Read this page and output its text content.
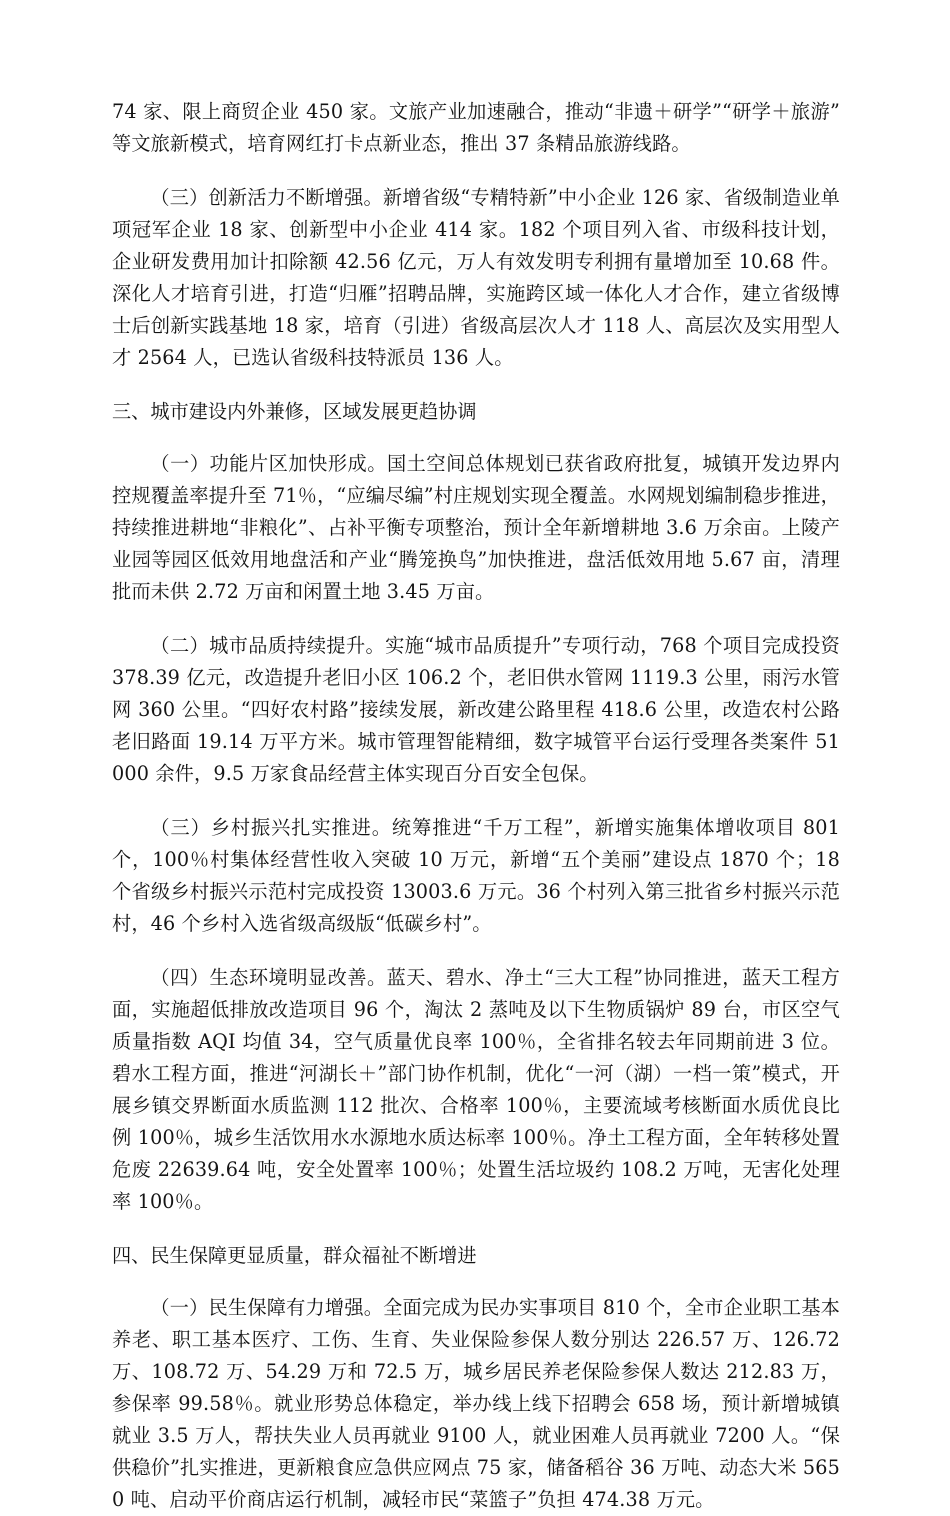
74 家、限上商贸企业 450 家。文旅产业加速融合，推动“非遗＋研学”“研学＋旅游”等文旅新模式，培育网红打卡点新业态，推出 37 条精品旅游线路。

（三）创新活力不断增强。新增省级“专精特新”中小企业 126 家、省级制造业单项冠军企业 18 家、创新型中小企业 414 家。182 个项目列入省、市级科技计划，企业研发费用加计扣除额 42.56 亿元，万人有效发明专利拥有量增加至 10.68 件。深化人才培育引进，打造“归雁”招聘品牌，实施跨区域一体化人才合作，建立省级博士后创新实践基地 18 家，培育（引进）省级高层次人才 118 人、高层次及实用型人才 2564 人，已选认省级科技特派员 136 人。

三、城市建设内外兼修，区域发展更趋协调

（一）功能片区加快形成。国土空间总体规划已获省政府批复，城镇开发边界内控规覆盖率提升至 71％，“应编尽编”村庄规划实现全覆盖。水网规划编制稳步推进，持续推进耕地“非粮化”、占补平衡专项整治，预计全年新增耕地 3.6 万余亩。上陵产业园等园区低效用地盘活和产业“腾笼换鸟”加快推进，盘活低效用地 5.67 亩，清理批而未供 2.72 万亩和闲置土地 3.45 万亩。

（二）城市品质持续提升。实施“城市品质提升”专项行动，768 个项目完成投资 378.39 亿元，改造提升老旧小区 106.2 个，老旧供水管网 1119.3 公里，雨污水管网 360 公里。“四好农村路”接续发展，新改建公路里程 418.6 公里，改造农村公路老旧路面 19.14 万平方米。城市管理智能精细，数字城管平台运行受理各类案件 51000 余件，9.5 万家食品经营主体实现百分百安全包保。

（三）乡村振兴扎实推进。统筹推进“千万工程”，新增实施集体增收项目 801 个，100％村集体经营性收入突破 10 万元，新增“五个美丽”建设点 1870 个；18 个省级乡村振兴示范村完成投资 13003.6 万元。36 个村列入第三批省乡村振兴示范村，46 个乡村入选省级高级版“低碳乡村”。

（四）生态环境明显改善。蓝天、碧水、净土“三大工程”协同推进，蓝天工程方面，实施超低排放改造项目 96 个，淘汰 2 蒸吨及以下生物质锅炉 89 台，市区空气质量指数 AQI 均值 34，空气质量优良率 100％，全省排名较去年同期前进 3 位。碧水工程方面，推进“河湖长＋”部门协作机制，优化“一河（湖）一档一策”模式，开展乡镇交界断面水质监测 112 批次、合格率 100％，主要流域考核断面水质优良比例 100％，城乡生活饮用水水源地水质达标率 100％。净土工程方面，全年转移处置危废 22639.64 吨，安全处置率 100％；处置生活垃圾约 108.2 万吨，无害化处理率 100％。

四、民生保障更显质量，群众福祉不断增进

（一）民生保障有力增强。全面完成为民办实事项目 810 个，全市企业职工基本养老、职工基本医疗、工伤、生育、失业保险参保人数分别达 226.57 万、126.72 万、108.72 万、54.29 万和 72.5 万，城乡居民养老保险参保人数达 212.83 万，参保率 99.58％。就业形势总体稳定，举办线上线下招聘会 658 场，预计新增城镇就业 3.5 万人，帮扶失业人员再就业 9100 人，就业困难人员再就业 7200 人。“保供稳价”扎实推进，更新粮食应急供应网点 75 家，储备稻谷 36 万吨、动态大米 5650 吨、启动平价商店运行机制，减轻市民“菜篮子”负担 474.38 万元。
